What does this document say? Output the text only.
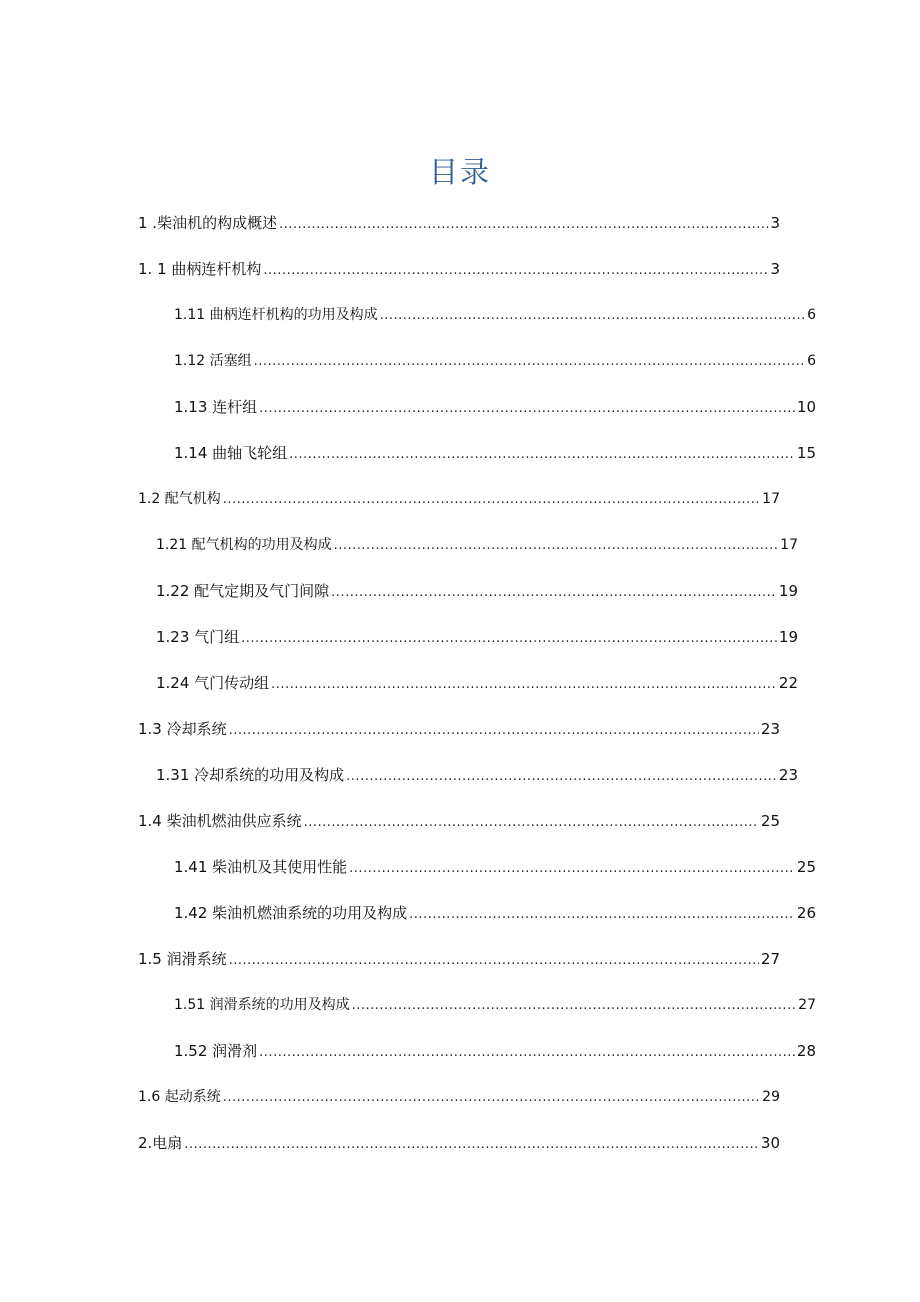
目录
1 .柴油机的构成概述 .....	3
1. 1 曲柄连杆机构 .....	3
1.11 曲柄连杆机构的功用及构成 .....	6
1.12 活塞组 .....	6
1.13 连杆组 .....	10
1.14 曲轴飞轮组 .....	15
1.2 配气机构 .....	17
1.21 配气机构的功用及构成 .....	17
1.22 配气定期及气门间隙 .....	19
1.23 气门组 .....	19
1.24 气门传动组 .....	22
1.3 冷却系统 .....	23
1.31 冷却系统的功用及构成 .....	23
1.4 柴油机燃油供应系统 .....	25
1.41 柴油机及其使用性能 .....	25
1.42 柴油机燃油系统的功用及构成 .....	26
1.5 润滑系统 .....	27
1.51 润滑系统的功用及构成 .....	27
1.52 润滑剂 .....	28
1.6 起动系统 .....	29
2.电扇 .....	30
